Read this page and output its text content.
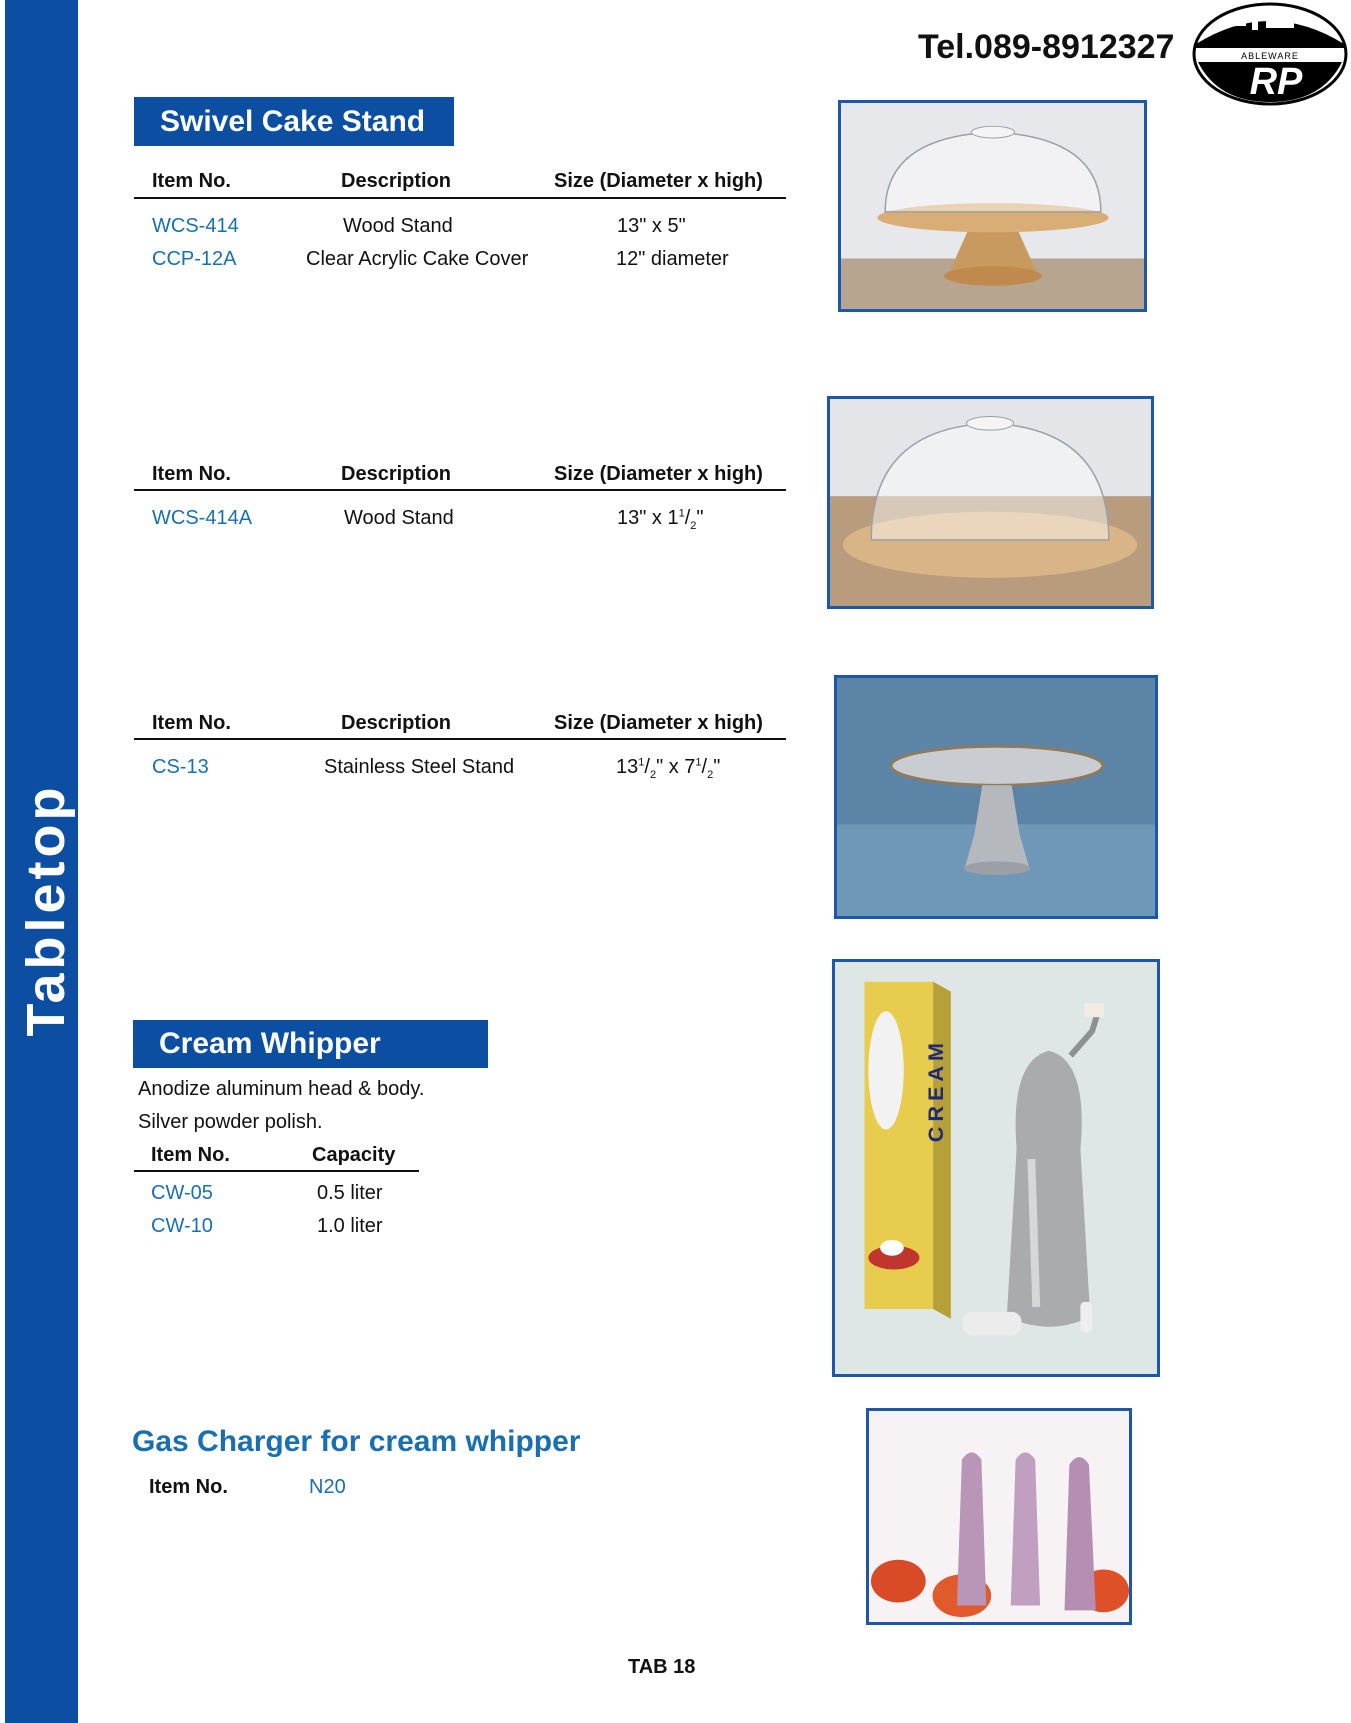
Tabletop
Tel.089-8912327	ABLEWARE
RP
Swivel Cake Stand
Item No.	Description	Size (Diameter x high)
WCS-414	Wood Stand	13" x 5"
CCP-12A	Clear Acrylic Cake Cover	12" diameter
Item No.	Description	Size (Diameter x high)
WCS-414A	Wood Stand	13" x $1^1/_2$"
Item No.	Description	Size (Diameter x high)
CS-13	Stainless Steel Stand	$13^1/_2$" x $7^1/_2$"
Cream Whipper
Anodize aluminum head & body.
Silver powder polish.
Item No.	Capacity
CW-05	0.5 liter
CW-10	1.0 liter
Gas Charger for cream whipper
Item No.	N20
TAB 18
CREAM
